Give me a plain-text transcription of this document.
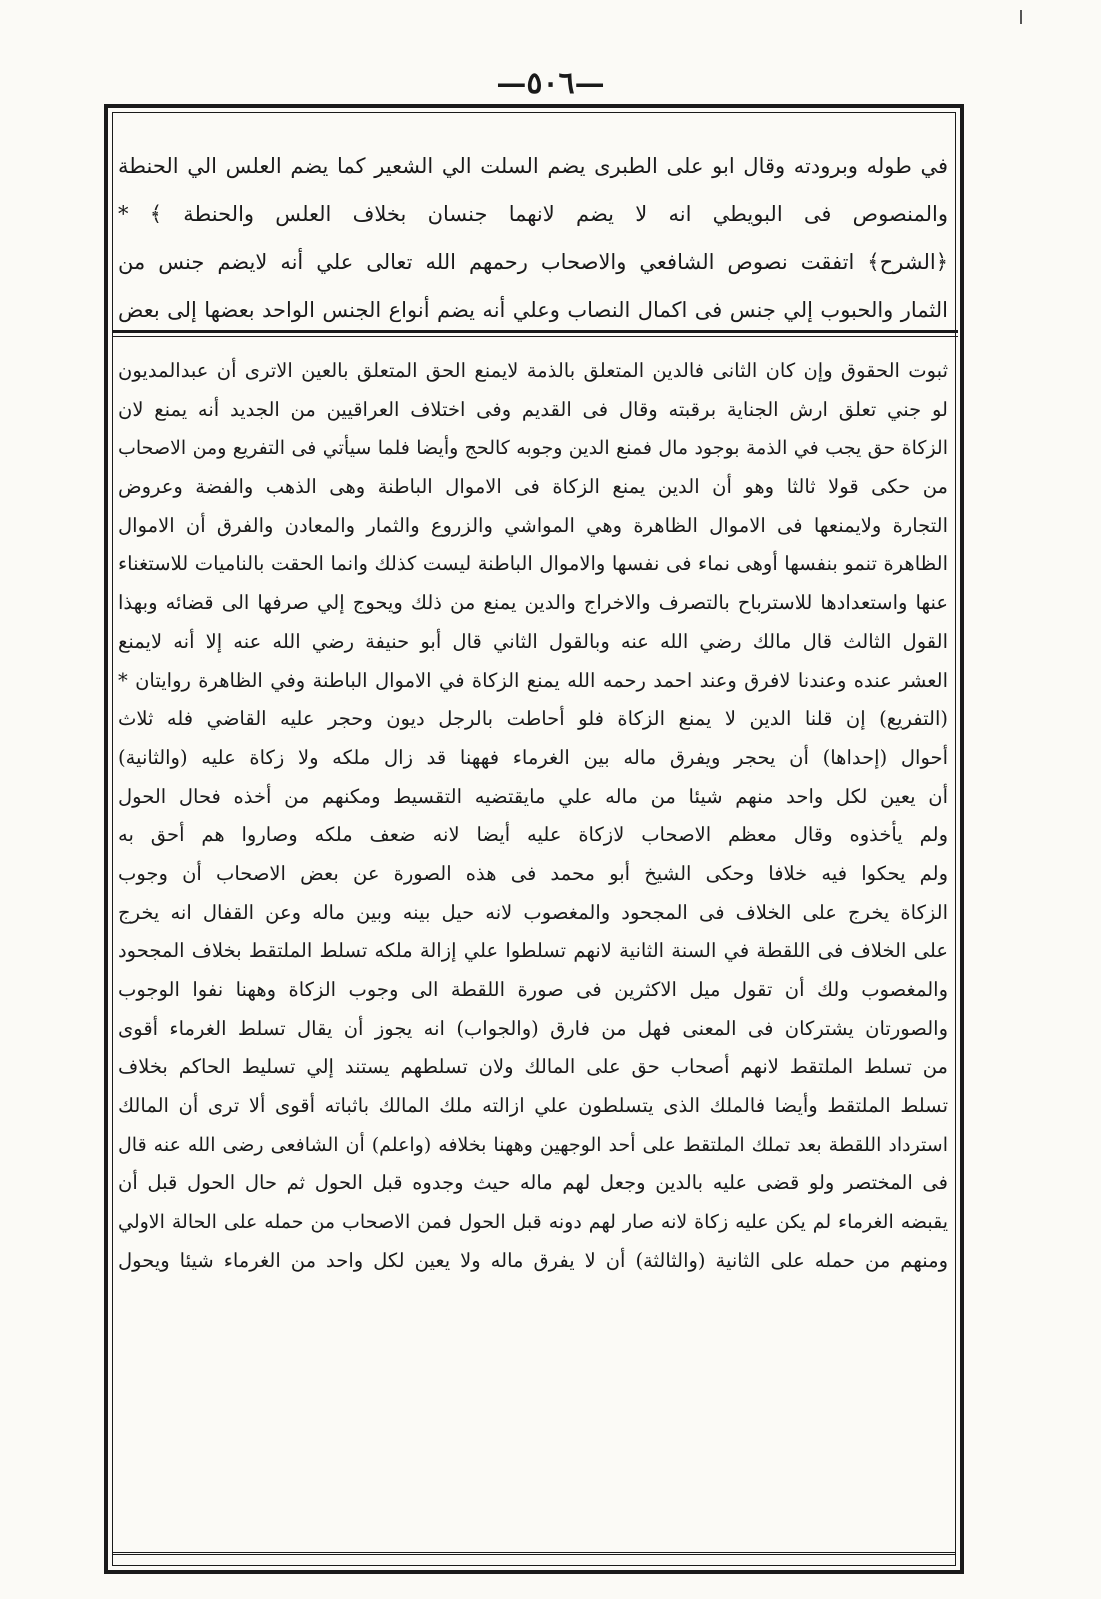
—٥٠٦—

في طوله وبرودته وقال ابو على الطبرى يضم السلت الي الشعير كما يضم العلس الي الحنطة

والمنصوص فى البويطي انه لا يضم لانهما جنسان بخلاف العلس والحنطة ﴾ *

﴿الشرح﴾ اتفقت نصوص الشافعي والاصحاب رحمهم الله تعالى علي أنه لايضم جنس من

الثمار والحبوب إلي جنس فى اكمال النصاب وعلي أنه يضم أنواع الجنس الواحد بعضها إلى بعض

ثبوت الحقوق وإن كان الثانى فالدين المتعلق بالذمة لايمنع الحق المتعلق بالعين الاترى أن عبدالمديون

لو جني تعلق ارش الجناية برقبته وقال فى القديم وفى اختلاف العراقيين من الجديد أنه يمنع لان

الزكاة حق يجب في الذمة بوجود مال فمنع الدين وجوبه كالحج وأيضا فلما سيأتي فى التفريع ومن الاصحاب

من حكى قولا ثالثا وهو أن الدين يمنع الزكاة فى الاموال الباطنة وهى الذهب والفضة وعروض

التجارة ولايمنعها فى الاموال الظاهرة وهي المواشي والزروع والثمار والمعادن والفرق أن الاموال

الظاهرة تنمو بنفسها أوهى نماء فى نفسها والاموال الباطنة ليست كذلك وانما الحقت بالناميات للاستغناء

عنها واستعدادها للاسترباح بالتصرف والاخراج والدين يمنع من ذلك ويحوج إلي صرفها الى قضائه وبهذا

القول الثالث قال مالك رضي الله عنه وبالقول الثاني قال أبو حنيفة رضي الله عنه إلا أنه لايمنع

العشر عنده وعندنا لافرق وعند احمد رحمه الله يمنع الزكاة في الاموال الباطنة وفي الظاهرة روايتان *

(التفريع) إن قلنا الدين لا يمنع الزكاة فلو أحاطت بالرجل ديون وحجر عليه القاضي فله ثلاث

أحوال (إحداها) أن يحجر ويفرق ماله بين الغرماء فههنا قد زال ملكه ولا زكاة عليه (والثانية)

أن يعين لكل واحد منهم شيئا من ماله علي مايقتضيه التقسيط ومكنهم من أخذه فحال الحول

ولم يأخذوه وقال معظم الاصحاب لازكاة عليه أيضا لانه ضعف ملكه وصاروا هم أحق به

ولم يحكوا فيه خلافا وحكى الشيخ أبو محمد فى هذه الصورة عن بعض الاصحاب أن وجوب

الزكاة يخرج على الخلاف فى المجحود والمغصوب لانه حيل بينه وبين ماله وعن القفال انه يخرج

على الخلاف فى اللقطة في السنة الثانية لانهم تسلطوا علي إزالة ملكه تسلط الملتقط بخلاف المجحود

والمغصوب ولك أن تقول ميل الاكثرين فى صورة اللقطة الى وجوب الزكاة وههنا نفوا الوجوب

والصورتان يشتركان فى المعنى فهل من فارق (والجواب) انه يجوز أن يقال تسلط الغرماء أقوى

من تسلط الملتقط لانهم أصحاب حق على المالك ولان تسلطهم يستند إلي تسليط الحاكم بخلاف

تسلط الملتقط وأيضا فالملك الذى يتسلطون علي ازالته ملك المالك باثباته أقوى ألا ترى أن المالك

استرداد اللقطة بعد تملك الملتقط على أحد الوجهين وههنا بخلافه (واعلم) أن الشافعى رضى الله عنه قال

فى المختصر ولو قضى عليه بالدين وجعل لهم ماله حيث وجدوه قبل الحول ثم حال الحول قبل أن

يقبضه الغرماء لم يكن عليه زكاة لانه صار لهم دونه قبل الحول فمن الاصحاب من حمله على الحالة الاولي

ومنهم من حمله على الثانية (والثالثة) أن لا يفرق ماله ولا يعين لكل واحد من الغرماء شيئا ويحول
